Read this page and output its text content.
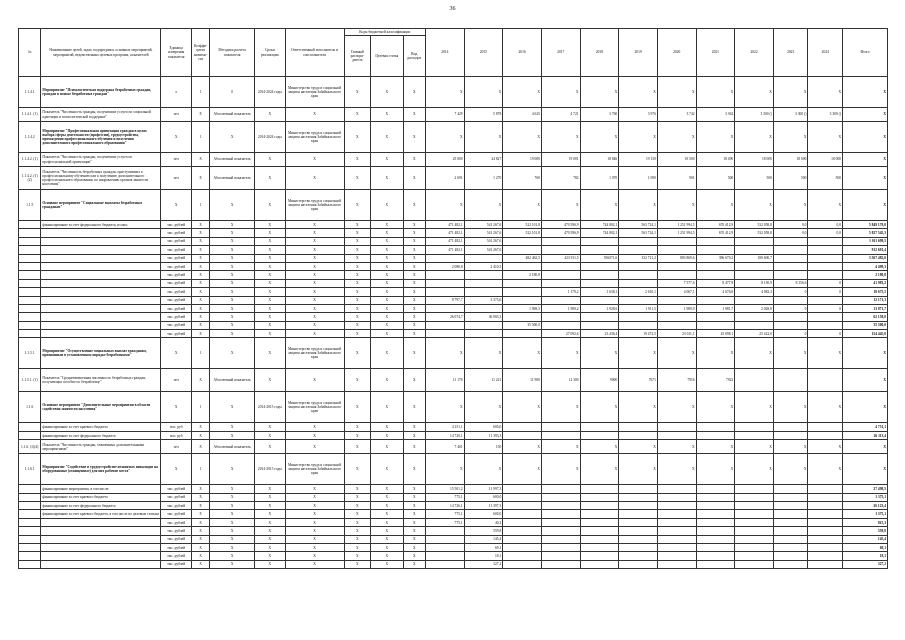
36
№	Наименование целей, задач, подпрограмм, основных мероприятий, мероприятий, ведомственных целевых программ, показателей	Единица измерения показателя	Коэффи-циент значимо-сти	Методика расчета показателя	Сроки реализации	Ответственный исполнитель и соисполнители	Коды бюджетной классификации			2014	2015	2016	2017	2018	2019	2020	2021	2022	2023	2024	Итого
							Главный распоря-дитель	Целевая статья	Вид расходов												
1.1.4.1	Мероприятие "Психологическая поддержка безработных граждан, граждан в поиске безработных граждан"	х	1	0	2014-2024 годы	Министерство труда и социальной защиты населения Забайкальского края	X	X	X	X	X	X	X	X	X	X	X	X	X	X	X
1.1.4.1. (1)	Показатель "Численность граждан, получивших услуги по социальной адаптации и психологической поддержке"	чел	X	Абсолютный показатель	X	X	X	X	X	7 429	5 878	4 625	4 721	3 760	3 976	3 742	3 362	3 300 ()	3 300 ()	3 300 ()	X
1.1.4.2	Мероприятие "Профессиональная ориентация граждан в целях выбора сферы деятельности (профессии), трудоустройства, прохождения профессионального обучения и получения дополнительного профессионального образования"	X	1	X	2014-2024 годы	Министерство труда и социальной защиты населения Забайкальского края	X	X	X	X	X	X	X	X	X	X	X	X	X	X	X
1.1.4.2. (1)	Показатель "Численность граждан, получивших услуги по профессиональной ориентации"	чел	X	Абсолютный показатель	X	X	X	X	X	25 800	24 827	19 000	19 001	18 846	19 150	18 500	18 490	18 000	18 000	18 000	X
1.1.4.2. (1)(2)	Показатель "Численность безработных граждан, приступивших к профессиональному обучению или к получению дополнительного профессионального образования, по направлению органов занятости населения"	чел	X	Абсолютный показатель	X	X	X	X	X	2 691	1 270	760	782	1 070	1 090	901	500	500	500	500	X
1.1.5	Основное мероприятие "Социальные выплаты безработным гражданам"	X	1	X	X	Министерство труда и социальной защиты населения Забайкальского края	X	X	X	X	X	X	X	X	X	X	X	X	X	X	X
	финансирование за счет федерального бюджета, из них:	тыс. рублей	X	X	X	X	X	X	X	471 482,1	541 267,6	522 101,8	470 596,9	744 802,1	563 724,1	1 251 994,5	670 412,9	532 058,8	0,0	0,0	5 849 170,0
		тыс. рублей	X	X	X	X	X	X	X	471 482,1	541 267,6	522 101,8	470 596,9	744 802,1	563 724,1	1 251 994,5	670 412,9	532 058,8	0,0	0,0	5 827 545,3
		тыс. рублей	X	X	X	X	X	X	X	471 482,1	541 267,6										1 011 699,5
		тыс. рублей	X	X	X	X	X	X	X	471 482,1	541 267,6										912 691,4
		тыс. рублей	X	X	X	X	X	X	X			482 462,5	423 911,5	556071,6	352 721,2	883 869,6	396 670,2	180 600,7			3 567 482,0
		тыс. рублей	X	X	X	X	X	X	X	2 088,8	2 410,5										4 499,3
		тыс. рублей	X	X	X	X	X	X	X			2 180,8									2 180,8
		тыс. рублей	X	X	X	X	X	X	X							7 577,6	8 477,9	8 150,9	8 156,6	0	41 983,2
		тыс. рублей	X	X	X	X	X	X	X				1 179,2	1 638,1	2 610,1	4 067,1	4 676,8	4 082,3	0	0	18 675,5
		тыс. рублей	X	X	X	X	X	X	X	8 797,7	3 373,6										12 171,3
		тыс. рублей	X	X	X	X	X	X	X			1 969,3	1 989,2	1 928,6	1 911,5	1 989,9	1 981,7	2 028,8	0	0	13 871,7
		тыс. рублей	X	X	X	X	X	X	X	26 074,7	36 083,3										62 158,0
		тыс. рублей	X	X	X	X	X	X	X			35 500,0									35 500,0
		тыс. рублей	X	X	X	X	X	X	X				27 092,6	23 436,4	19 472,5	23 011,1	25 098,1	25 422,0	0	0	154 445,0
1.1.5.1	Мероприятие "Осуществление социальных выплат гражданам, признанным в установленном порядке безработными"	X	1	X	X	Министерство труда и социальной защиты населения Забайкальского края	X	X	X	X	X	X	X	X	X	X	X	X	X	X	X
1.1.5.1. (1)	Показатель "Средневзвешенная численность безработных граждан, получающих пособие по безработице"	чел	X	Абсолютный показатель	X	X	X	X	X	11 176	11 221	11 900	12 300	9000	7671	7916	7923				X
1.1.6	Основное мероприятие "Дополнительные мероприятия в области содействия занятости населения"	X	1	X	2014-2015 годы	Министерство труда и социальной защиты населения Забайкальского края	X	X	X	X	X	X	X	X	X	X	X	X	X	X	X
	финансирование за счет краевого бюджета	тыс. руб	X	X	X	X	X	X	X	4 151,1	600,0										4 751,1
	финансирование за счет федерального бюджета	тыс. руб	X	X	X	X	X	X	X	14 720,1	11 393,3										26 113,4
1.1.6. (1)(4)	Показатель "Численность граждан, охваченных дополнительными мероприятиями"	чел	X	Абсолютный показатель	X	X	X	X	X	7 401	150	X	X	X	X	X	X	X	X	X	X
1.1.6.1	Мероприятие "Содействие в трудоустройстве незанятых инвалидов на оборудованные (оснащенные) для них рабочие места"	X	1	X	2014-2015 годы	Министерство труда и социальной защиты населения Забайкальского края	X	X	X	X	X	X	X	X	X	X	X	X	X	X	X
	финансирование мероприятия, в том числе:	тыс. рублей	X	X	X	X	X	X	X	15 501,2	11 997,3										27 498,5
	финансирование за счет краевого бюджета	тыс. рублей	X	X	X	X	X	X	X	775,1	600,0										1 375,1
	финансирование за счет федерального бюджета	тыс. рублей	X	X	X	X	X	X	X	14 726,1	11 397,3										26 123,4
	финансирование за счет краевого бюджета, в том числе по целевым статьям	тыс. рублей	X	X	X	X	X	X	X	775,1	600,0										1 375,1
		тыс. рублей	X	X	X	X	X	X	X	775,1	40,2										815,3
		тыс. рублей	X	X	X	X	X	X	X		559,8										559,8
		тыс. рублей	X	X	X	X	X	X	X		145,4										145,4
		тыс. рублей	X	X	X	X	X	X	X		69,1										69,1
		тыс. рублей	X	X	X	X	X	X	X		18,1										18,1
		тыс. рублей	X	X	X	X	X	X	X		327,2										327,2
